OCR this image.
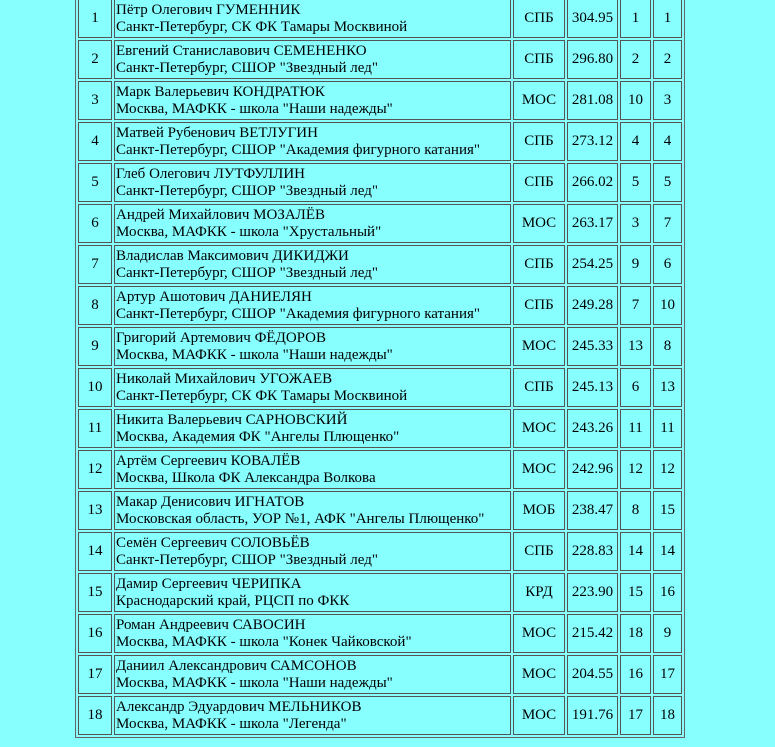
1	Пётр Олегович ГУМЕННИК
Санкт-Петербург, СК ФК Тамары Москвиной	СПБ	304.95	1	1
2	Евгений Станиславович СЕМЕНЕНКО
Санкт-Петербург, СШОР "Звездный лед"	СПБ	296.80	2	2
3	Марк Валерьевич КОНДРАТЮК
Москва, МАФКК - школа "Наши надежды"	МОС	281.08	10	3
4	Матвей Рубенович ВЕТЛУГИН
Санкт-Петербург, СШОР "Академия фигурного катания"	СПБ	273.12	4	4
5	Глеб Олегович ЛУТФУЛЛИН
Санкт-Петербург, СШОР "Звездный лед"	СПБ	266.02	5	5
6	Андрей Михайлович МОЗАЛЁВ
Москва, МАФКК - школа "Хрустальный"	МОС	263.17	3	7
7	Владислав Максимович ДИКИДЖИ
Санкт-Петербург, СШОР "Звездный лед"	СПБ	254.25	9	6
8	Артур Ашотович ДАНИЕЛЯН
Санкт-Петербург, СШОР "Академия фигурного катания"	СПБ	249.28	7	10
9	Григорий Артемович ФЁДОРОВ
Москва, МАФКК - школа "Наши надежды"	МОС	245.33	13	8
10	Николай Михайлович УГОЖАЕВ
Санкт-Петербург, СК ФК Тамары Москвиной	СПБ	245.13	6	13
11	Никита Валерьевич САРНОВСКИЙ
Москва, Академия ФК "Ангелы Плющенко"	МОС	243.26	11	11
12	Артём Сергеевич КОВАЛЁВ
Москва, Школа ФК Александра Волкова	МОС	242.96	12	12
13	Макар Денисович ИГНАТОВ
Московская область, УОР №1, АФК "Ангелы Плющенко"	МОБ	238.47	8	15
14	Семён Сергеевич СОЛОВЬЁВ
Санкт-Петербург, СШОР "Звездный лед"	СПБ	228.83	14	14
15	Дамир Сергеевич ЧЕРИПКА
Краснодарский край, РЦСП по ФКК	КРД	223.90	15	16
16	Роман Андреевич САВОСИН
Москва, МАФКК - школа "Конек Чайковской"	МОС	215.42	18	9
17	Даниил Александрович САМСОНОВ
Москва, МАФКК - школа "Наши надежды"	МОС	204.55	16	17
18	Александр Эдуардович МЕЛЬНИКОВ
Москва, МАФКК - школа "Легенда"	МОС	191.76	17	18
